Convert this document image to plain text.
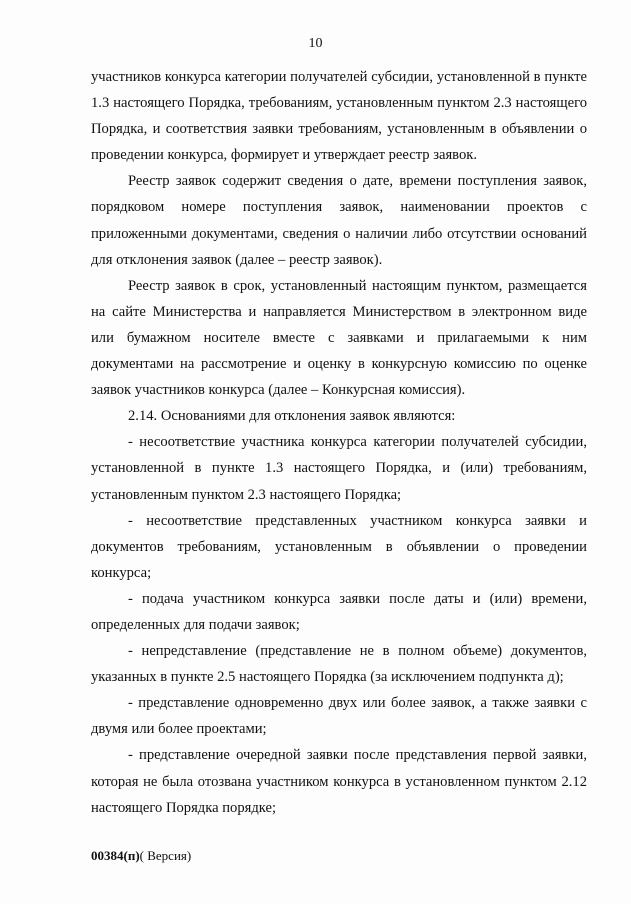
10

участников конкурса категории получателей субсидии, установленной в пункте 1.3 настоящего Порядка, требованиям, установленным пунктом 2.3 настоящего Порядка, и соответствия заявки требованиям, установленным в объявлении о проведении конкурса, формирует и утверждает реестр заявок.

Реестр заявок содержит сведения о дате, времени поступления заявок, порядковом номере поступления заявок, наименовании проектов с приложенными документами, сведения о наличии либо отсутствии оснований для отклонения заявок (далее – реестр заявок).

Реестр заявок в срок, установленный настоящим пунктом, размещается на сайте Министерства и направляется Министерством в электронном виде или бумажном носителе вместе с заявками и прилагаемыми к ним документами на рассмотрение и оценку в конкурсную комиссию по оценке заявок участников конкурса (далее – Конкурсная комиссия).

2.14. Основаниями для отклонения заявок являются:

- несоответствие участника конкурса категории получателей субсидии, установленной в пункте 1.3 настоящего Порядка, и (или) требованиям, установленным пунктом 2.3 настоящего Порядка;

- несоответствие представленных участником конкурса заявки и документов требованиям, установленным в объявлении о проведении конкурса;

- подача участником конкурса заявки после даты и (или) времени, определенных для подачи заявок;

- непредставление (представление не в полном объеме) документов, указанных в пункте 2.5 настоящего Порядка (за исключением подпункта д);

- представление одновременно двух или более заявок, а также заявки с двумя или более проектами;

- представление очередной заявки после представления первой заявки, которая не была отозвана участником конкурса в установленном пунктом 2.12 настоящего Порядка порядке;

00384(п)( Версия)
